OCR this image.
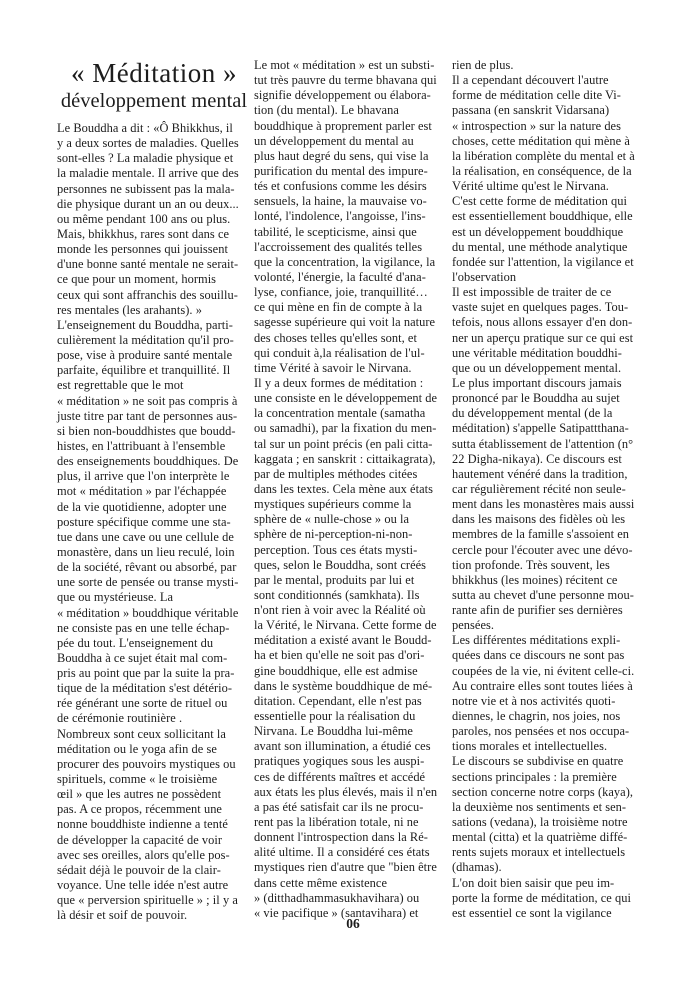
« Méditation »
développement mental
Le Bouddha a dit : «Ô Bhikkhus, il
y a deux sortes de maladies. Quelles
sont-elles ? La maladie physique et
la maladie mentale. Il arrive que des
personnes ne subissent pas la mala-
die physique durant un an ou deux...
ou même pendant 100 ans ou plus.
Mais, bhikkhus, rares sont dans ce
monde les personnes qui jouissent
d'une bonne santé mentale ne serait-
ce que pour un moment, hormis
ceux qui sont affranchis des souillu-
res mentales (les arahants). »
L'enseignement du Bouddha, parti-
culièrement la méditation qu'il pro-
pose, vise à produire santé mentale
parfaite, équilibre et tranquillité. Il
est regrettable que le mot
« méditation » ne soit pas compris à
juste titre par tant de personnes aus-
si bien non-bouddhistes que boudd-
histes, en l'attribuant à l'ensemble
des enseignements bouddhiques. De
plus, il arrive que l'on interprète le
mot « méditation » par l'échappée
de la vie quotidienne, adopter une
posture spécifique comme une sta-
tue dans une cave ou une cellule de
monastère, dans un lieu reculé, loin
de la société, rêvant ou absorbé, par
une sorte de pensée ou transe mysti-
que ou mystérieuse. La
« méditation » bouddhique véritable
ne consiste pas en une telle échap-
pée du tout. L'enseignement du
Bouddha à ce sujet était mal com-
pris au point que par la suite la pra-
tique de la méditation s'est détério-
rée générant une sorte de rituel ou
de cérémonie routinière .
Nombreux sont ceux sollicitant la
méditation ou le yoga afin de se
procurer des pouvoirs mystiques ou
spirituels, comme « le troisième
œil » que les autres ne possèdent
pas. A ce propos, récemment une
nonne bouddhiste indienne a tenté
de développer la capacité de voir
avec ses oreilles, alors qu'elle pos-
sédait déjà le pouvoir de la clair-
voyance. Une telle idée n'est autre
que « perversion spirituelle » ; il y a
là désir et soif de pouvoir.
Le mot « méditation » est un substi-
tut très pauvre du terme bhavana qui
signifie développement ou élabora-
tion (du mental). Le bhavana
bouddhique à proprement parler est
un développement du mental au
plus haut degré du sens, qui vise la
purification du mental des impure-
tés et confusions comme les désirs
sensuels, la haine, la mauvaise vo-
lonté, l'indolence, l'angoisse, l'ins-
tabilité, le scepticisme, ainsi que
l'accroissement des qualités telles
que la concentration, la vigilance, la
volonté, l'énergie, la faculté d'ana-
lyse, confiance, joie, tranquillité…
ce qui mène en fin de compte à la
sagesse supérieure qui voit la nature
des choses telles qu'elles sont, et
qui conduit à,la réalisation de l'ul-
time Vérité à savoir le Nirvana.
Il y a deux formes de méditation :
une consiste en le développement de
la concentration mentale (samatha
ou samadhi), par la fixation du men-
tal sur un point précis (en pali citta-
kaggata ; en sanskrit : cittaikagrata),
par de multiples méthodes citées
dans les textes. Cela mène aux états
mystiques supérieurs comme la
sphère de « nulle-chose » ou la
sphère de ni-perception-ni-non-
perception. Tous ces états mysti-
ques, selon le Bouddha, sont créés
par le mental, produits par lui et
sont conditionnés (samkhata). Ils
n'ont rien à voir avec la Réalité où
la Vérité, le Nirvana. Cette forme de
méditation a existé avant le Boudd-
ha et bien qu'elle ne soit pas d'ori-
gine bouddhique, elle est admise
dans le système bouddhique de mé-
ditation. Cependant, elle n'est pas
essentielle pour la réalisation du
Nirvana. Le Bouddha lui-même
avant son illumination, a étudié ces
pratiques yogiques sous les auspi-
ces de différents maîtres et accédé
aux états les plus élevés, mais il n'en
a pas été satisfait car ils ne procu-
rent pas la libération totale, ni ne
donnent l'introspection dans la Ré-
alité ultime. Il a considéré ces états
mystiques rien d'autre que "bien être
dans cette même existence
» (ditthadhammasukhavihara) ou
« vie pacifique » (santavihara) et
rien de plus.
Il a cependant découvert l'autre
forme de méditation celle dite Vi-
passana (en sanskrit Vidarsana)
« introspection » sur la nature des
choses, cette méditation qui mène à
la libération complète du mental et à
la réalisation, en conséquence, de la
Vérité ultime qu'est le Nirvana.
C'est cette forme de méditation qui
est essentiellement bouddhique, elle
est un développement bouddhique
du mental, une méthode analytique
fondée sur l'attention, la vigilance et
l'observation
Il est impossible de traiter de ce
vaste sujet en quelques pages. Tou-
tefois, nous allons essayer d'en don-
ner un aperçu pratique sur ce qui est
une véritable méditation bouddhi-
que ou un développement mental.
Le plus important discours jamais
prononcé par le Bouddha au sujet
du développement mental (de la
méditation) s'appelle Satipattthana-
sutta établissement de l'attention (n°
22 Digha-nikaya). Ce discours est
hautement vénéré dans la tradition,
car régulièrement récité non seule-
ment dans les monastères mais aussi
dans les maisons des fidèles où les
membres de la famille s'assoient en
cercle pour l'écouter avec une dévo-
tion profonde. Très souvent, les
bhikkhus (les moines) récitent ce
sutta au chevet d'une personne mou-
rante afin de purifier ses dernières
pensées.
Les différentes méditations expli-
quées dans ce discours ne sont pas
coupées de la vie, ni évitent celle-ci.
Au contraire elles sont toutes liées à
notre vie et à nos activités quoti-
diennes, le chagrin, nos joies, nos
paroles, nos pensées et nos occupa-
tions morales et intellectuelles.
Le discours se subdivise en quatre
sections principales : la première
section concerne notre corps (kaya),
la deuxième nos sentiments et sen-
sations (vedana), la troisième notre
mental (citta) et la quatrième diffé-
rents sujets moraux et intellectuels
(dhamas).
L'on doit bien saisir que peu im-
porte la forme de méditation, ce qui
est essentiel ce sont la vigilance
06
